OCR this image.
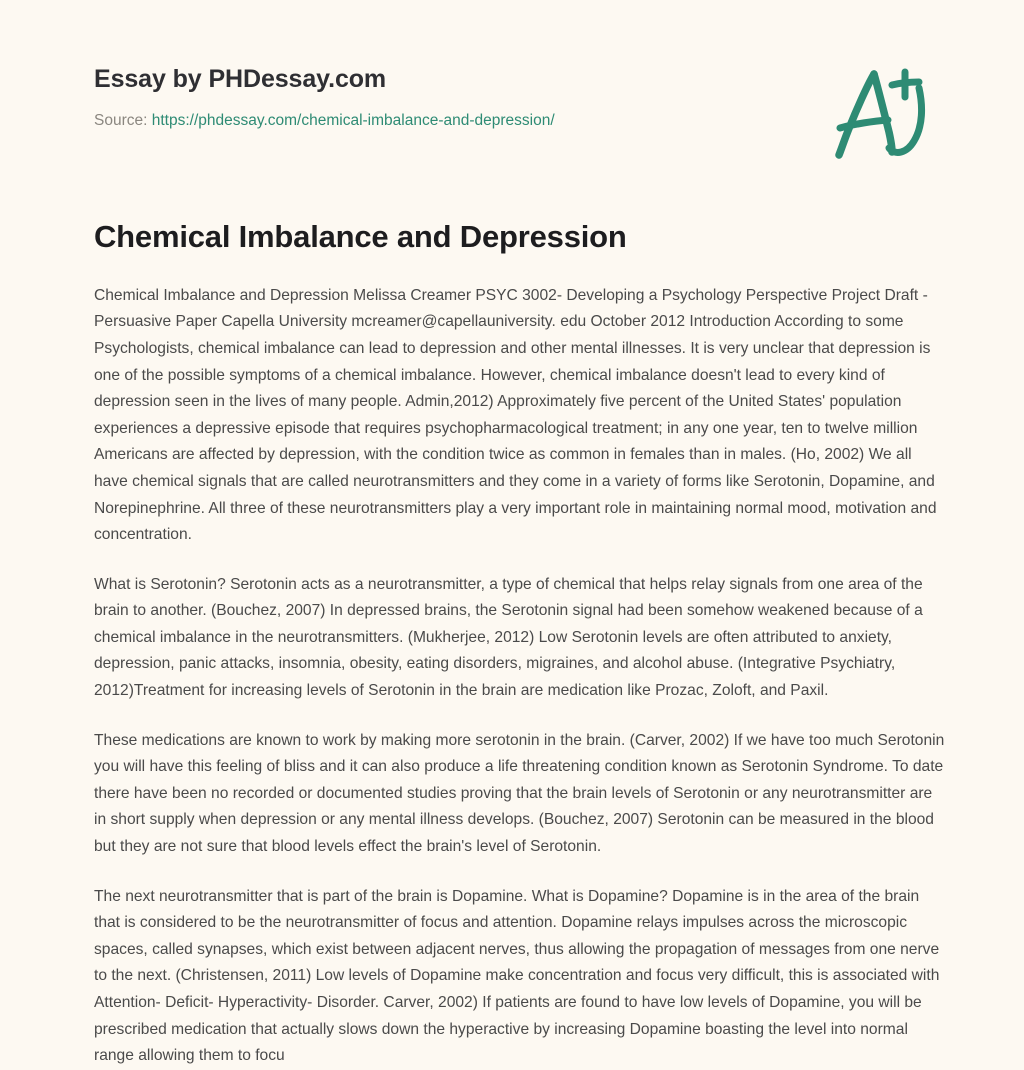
Essay by PHDessay.com
Source: https://phdessay.com/chemical-imbalance-and-depression/
Chemical Imbalance and Depression

Chemical Imbalance and Depression Melissa Creamer PSYC 3002- Developing a Psychology Perspective Project Draft - Persuasive Paper Capella University mcreamer@capellauniversity. edu October 2012 Introduction According to some Psychologists, chemical imbalance can lead to depression and other mental illnesses. It is very unclear that depression is one of the possible symptoms of a chemical imbalance. However, chemical imbalance doesn't lead to every kind of depression seen in the lives of many people. Admin,2012) Approximately five percent of the United States' population experiences a depressive episode that requires psychopharmacological treatment; in any one year, ten to twelve million Americans are affected by depression, with the condition twice as common in females than in males. (Ho, 2002) We all have chemical signals that are called neurotransmitters and they come in a variety of forms like Serotonin, Dopamine, and Norepinephrine. All three of these neurotransmitters play a very important role in maintaining normal mood, motivation and concentration.

What is Serotonin? Serotonin acts as a neurotransmitter, a type of chemical that helps relay signals from one area of the brain to another. (Bouchez, 2007) In depressed brains, the Serotonin signal had been somehow weakened because of a chemical imbalance in the neurotransmitters. (Mukherjee, 2012) Low Serotonin levels are often attributed to anxiety, depression, panic attacks, insomnia, obesity, eating disorders, migraines, and alcohol abuse. (Integrative Psychiatry, 2012)Treatment for increasing levels of Serotonin in the brain are medication like Prozac, Zoloft, and Paxil.

These medications are known to work by making more serotonin in the brain. (Carver, 2002) If we have too much Serotonin you will have this feeling of bliss and it can also produce a life threatening condition known as Serotonin Syndrome. To date there have been no recorded or documented studies proving that the brain levels of Serotonin or any neurotransmitter are in short supply when depression or any mental illness develops. (Bouchez, 2007) Serotonin can be measured in the blood but they are not sure that blood levels effect the brain's level of Serotonin.

The next neurotransmitter that is part of the brain is Dopamine. What is Dopamine? Dopamine is in the area of the brain that is considered to be the neurotransmitter of focus and attention. Dopamine relays impulses across the microscopic spaces, called synapses, which exist between adjacent nerves, thus allowing the propagation of messages from one nerve to the next. (Christensen, 2011) Low levels of Dopamine make concentration and focus very difficult, this is associated with Attention- Deficit- Hyperactivity- Disorder. Carver, 2002) If patients are found to have low levels of Dopamine, you will be prescribed medication that actually slows down the hyperactive by increasing Dopamine boasting the level into normal range allowing them to focu
